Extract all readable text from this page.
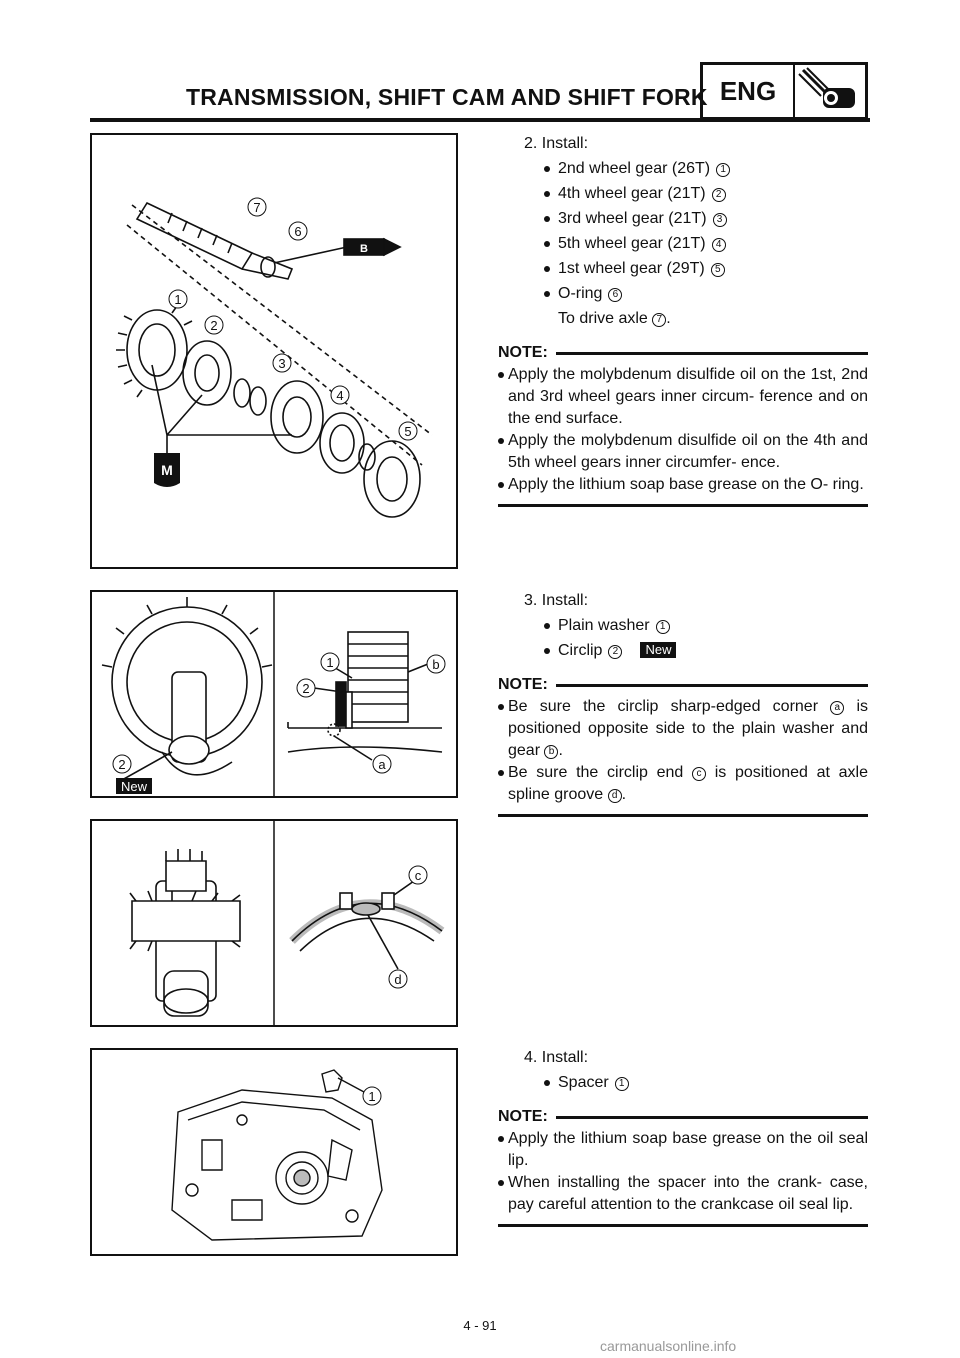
TRANSMISSION, SHIFT CAM AND SHIFT FORK ENG
M
B
7
6
1
2
3
4
5
New
2
1
2
b
a
c
d
1
2. Install:
2nd wheel gear (26T) 1
4th wheel gear (21T) 2
3rd wheel gear (21T) 3
5th wheel gear (21T) 4
1st wheel gear (29T) 5
O-ring 6
To drive axle 7 .
NOTE:
Apply the molybdenum disulfide oil on the 1st, 2nd and 3rd wheel gears inner circum- ference and on the end surface.
Apply the molybdenum disulfide oil on the 4th and 5th wheel gears inner circumfer- ence.
Apply the lithium soap base grease on the O- ring.
3. Install:
Plain washer 1
Circlip 2 New
NOTE:
Be sure the circlip sharp-edged corner a is positioned opposite side to the plain washer and gear b .
Be sure the circlip end c is positioned at axle spline groove d .
4. Install:
Spacer 1
NOTE:
Apply the lithium soap base grease on the oil seal lip.
When installing the spacer into the crank- case, pay careful attention to the crankcase oil seal lip.
4 - 91
carmanualsonline.info
